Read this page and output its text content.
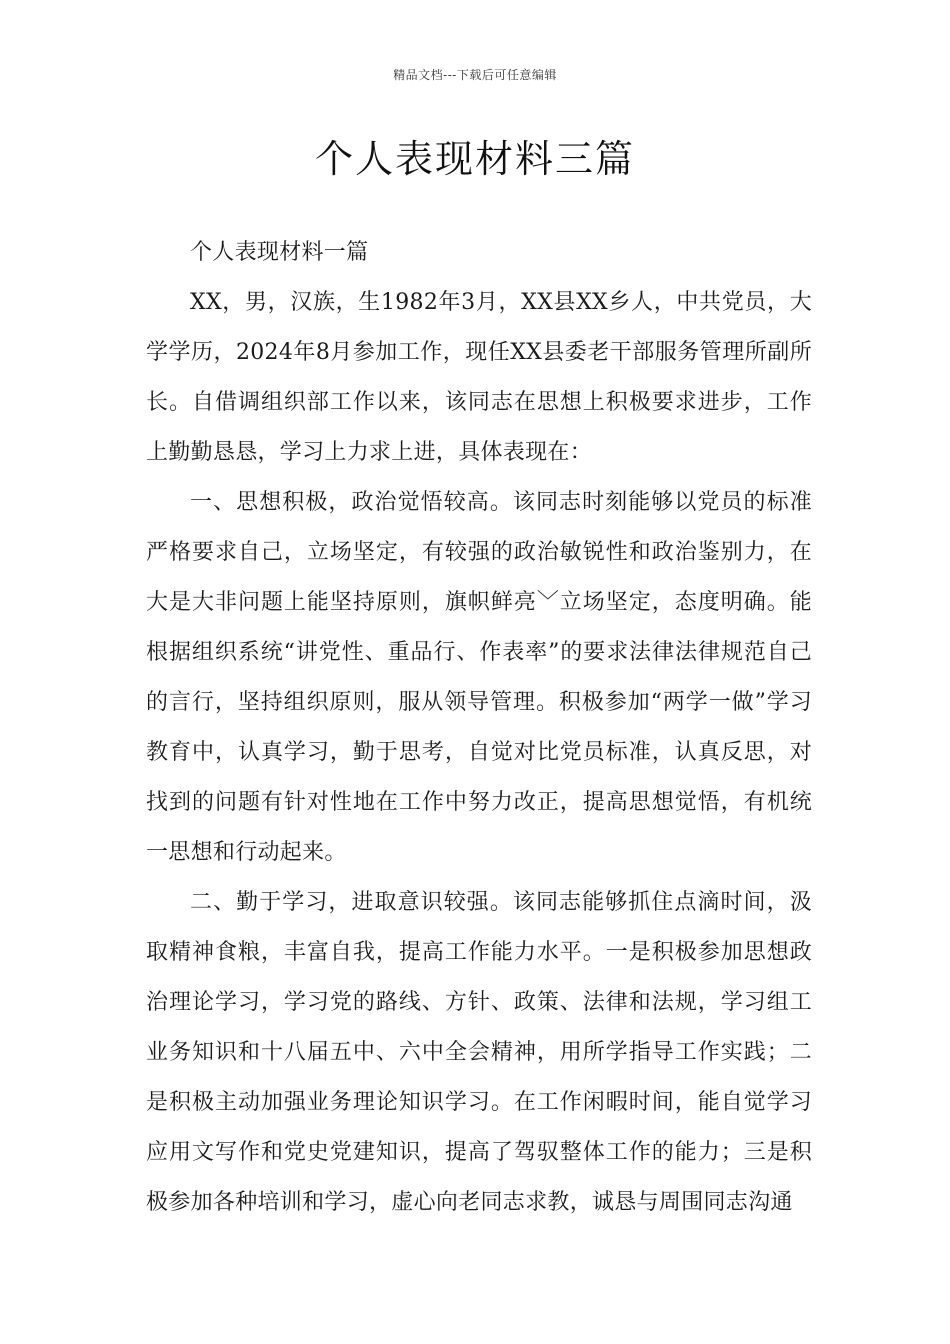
精品文档---下载后可任意编辑
个人表现材料三篇

个人表现材料一篇

XX，男，汉族，生1982年3月，XX县XX乡人，中共党员，大学学历，2024年8月参加工作，现任XX县委老干部服务管理所副所长。自借调组织部工作以来，该同志在思想上积极要求进步，工作上勤勤恳恳，学习上力求上进，具体表现在：

一、思想积极，政治觉悟较高。该同志时刻能够以党员的标准严格要求自己，立场坚定，有较强的政治敏锐性和政治鉴别力，在大是大非问题上能坚持原则，旗帜鲜亮﹀立场坚定，态度明确。能根据组织系统“讲党性、重品行、作表率”的要求法律法律规范自己的言行，坚持组织原则，服从领导管理。积极参加“两学一做”学习教育中，认真学习，勤于思考，自觉对比党员标准，认真反思，对找到的问题有针对性地在工作中努力改正，提高思想觉悟，有机统一思想和行动起来。

二、勤于学习，进取意识较强。该同志能够抓住点滴时间，汲取精神食粮，丰富自我，提高工作能力水平。一是积极参加思想政治理论学习，学习党的路线、方针、政策、法律和法规，学习组工业务知识和十八届五中、六中全会精神，用所学指导工作实践；二是积极主动加强业务理论知识学习。在工作闲暇时间，能自觉学习应用文写作和党史党建知识，提高了驾驭整体工作的能力；三是积极参加各种培训和学习，虚心向老同志求教，诚恳与周围同志沟通
